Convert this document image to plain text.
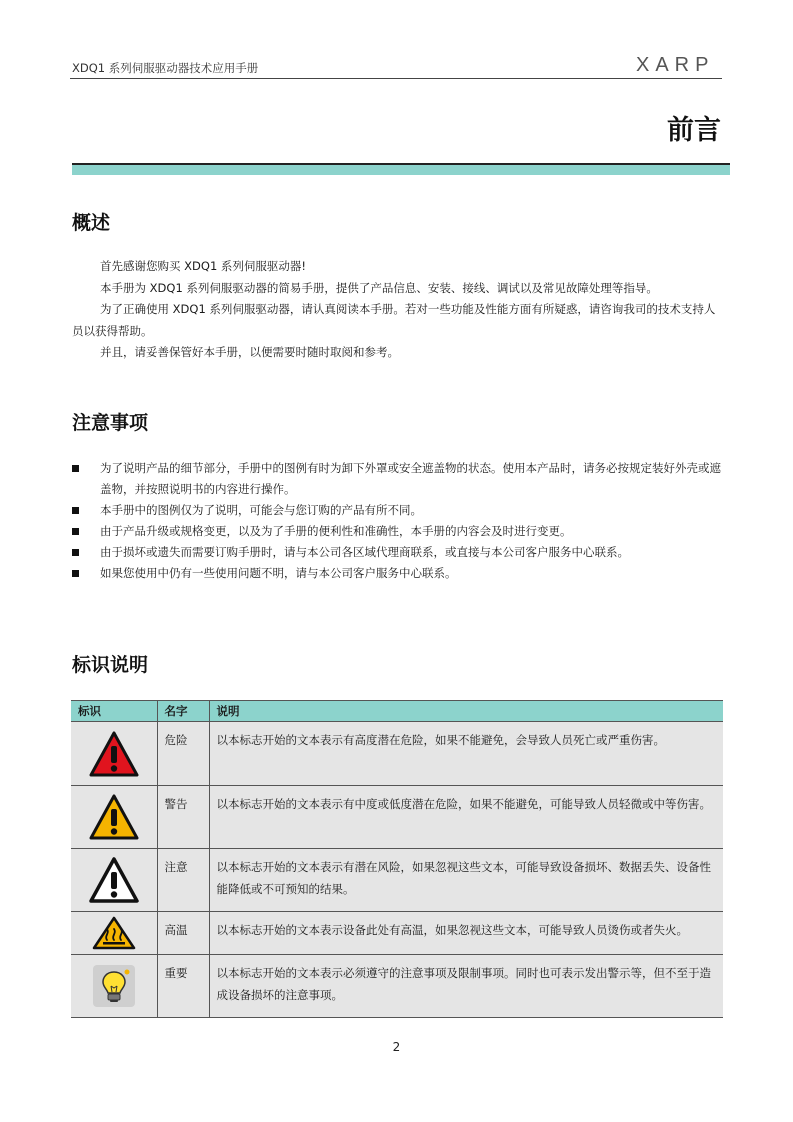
XDQ1 系列伺服驱动器技术应用手册	XARP
前言
概述

首先感谢您购买 XDQ1 系列伺服驱动器!

本手册为 XDQ1 系列伺服驱动器的简易手册，提供了产品信息、安装、接线、调试以及常见故障处理等指导。

为了正确使用 XDQ1 系列伺服驱动器，请认真阅读本手册。若对一些功能及性能方面有所疑惑，请咨询我司的技术支持人员以获得帮助。

并且，请妥善保管好本手册，以便需要时随时取阅和参考。

注意事项
为了说明产品的细节部分，手册中的图例有时为卸下外罩或安全遮盖物的状态。使用本产品时，请务必按规定装好外壳或遮盖物，并按照说明书的内容进行操作。
本手册中的图例仅为了说明，可能会与您订购的产品有所不同。
由于产品升级或规格变更，以及为了手册的便利性和准确性，本手册的内容会及时进行变更。
由于损坏或遗失而需要订购手册时，请与本公司各区域代理商联系，或直接与本公司客户服务中心联系。
如果您使用中仍有一些使用问题不明，请与本公司客户服务中心联系。
标识说明
标识	名字	说明
	危险	以本标志开始的文本表示有高度潜在危险，如果不能避免，会导致人员死亡或严重伤害。
	警告	以本标志开始的文本表示有中度或低度潜在危险，如果不能避免，可能导致人员轻微或中等伤害。
	注意	以本标志开始的文本表示有潜在风险，如果忽视这些文本，可能导致设备损坏、数据丢失、设备性能降低或不可预知的结果。
	高温	以本标志开始的文本表示设备此处有高温，如果忽视这些文本，可能导致人员烫伤或者失火。
	重要	以本标志开始的文本表示必须遵守的注意事项及限制事项。同时也可表示发出警示等，但不至于造成设备损坏的注意事项。
2
